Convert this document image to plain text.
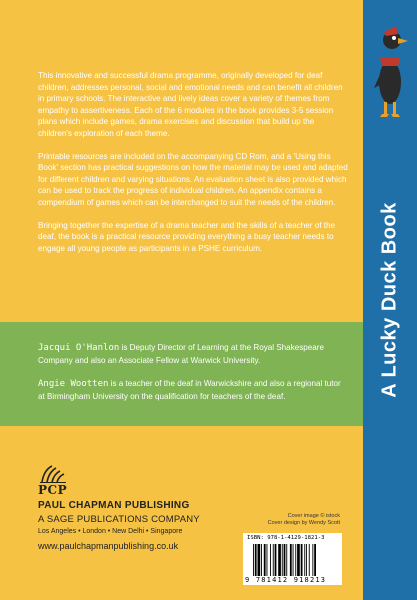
A Lucky Duck Book

This innovative and successful drama programme, originally developed for deaf children, addresses personal, social and emotional needs and can benefit all children in primary schools. The interactive and lively ideas cover a variety of themes from empathy to assertiveness. Each of the 6 modules in the book provides 3-5 session plans which include games, drama exercises and discussion that build up the children's exploration of each theme.

Printable resources are included on the accompanying CD Rom, and a 'Using this Book' section has practical suggestions on how the material may be used and adapted for different children and varying situations. An evaluation sheet is also provided which can be used to track the progress of individual children. An appendix contains a compendium of games which can be interchanged to suit the needs of the children.

Bringing together the expertise of a drama teacher and the skills of a teacher of the deaf, the book is a practical resource providing everything a busy teacher needs to engage all young people as participants in a PSHE curriculum.

Jacqui O'Hanlon is Deputy Director of Learning at the Royal Shakespeare Company and also an Associate Fellow at Warwick University.
Angie Wootten is a teacher of the deaf in Warwickshire and also a regional tutor at Birmingham University on the qualification for teachers of the deaf.
PCP
PAUL CHAPMAN PUBLISHING
A SAGE PUBLICATIONS COMPANY
Los Angeles • London • New Delhi • Singapore
www.paulchapmanpublishing.co.uk
Cover image © istock
Cover design by Wendy Scott
ISBN: 978-1-4129-1821-3
9 781412 918213
